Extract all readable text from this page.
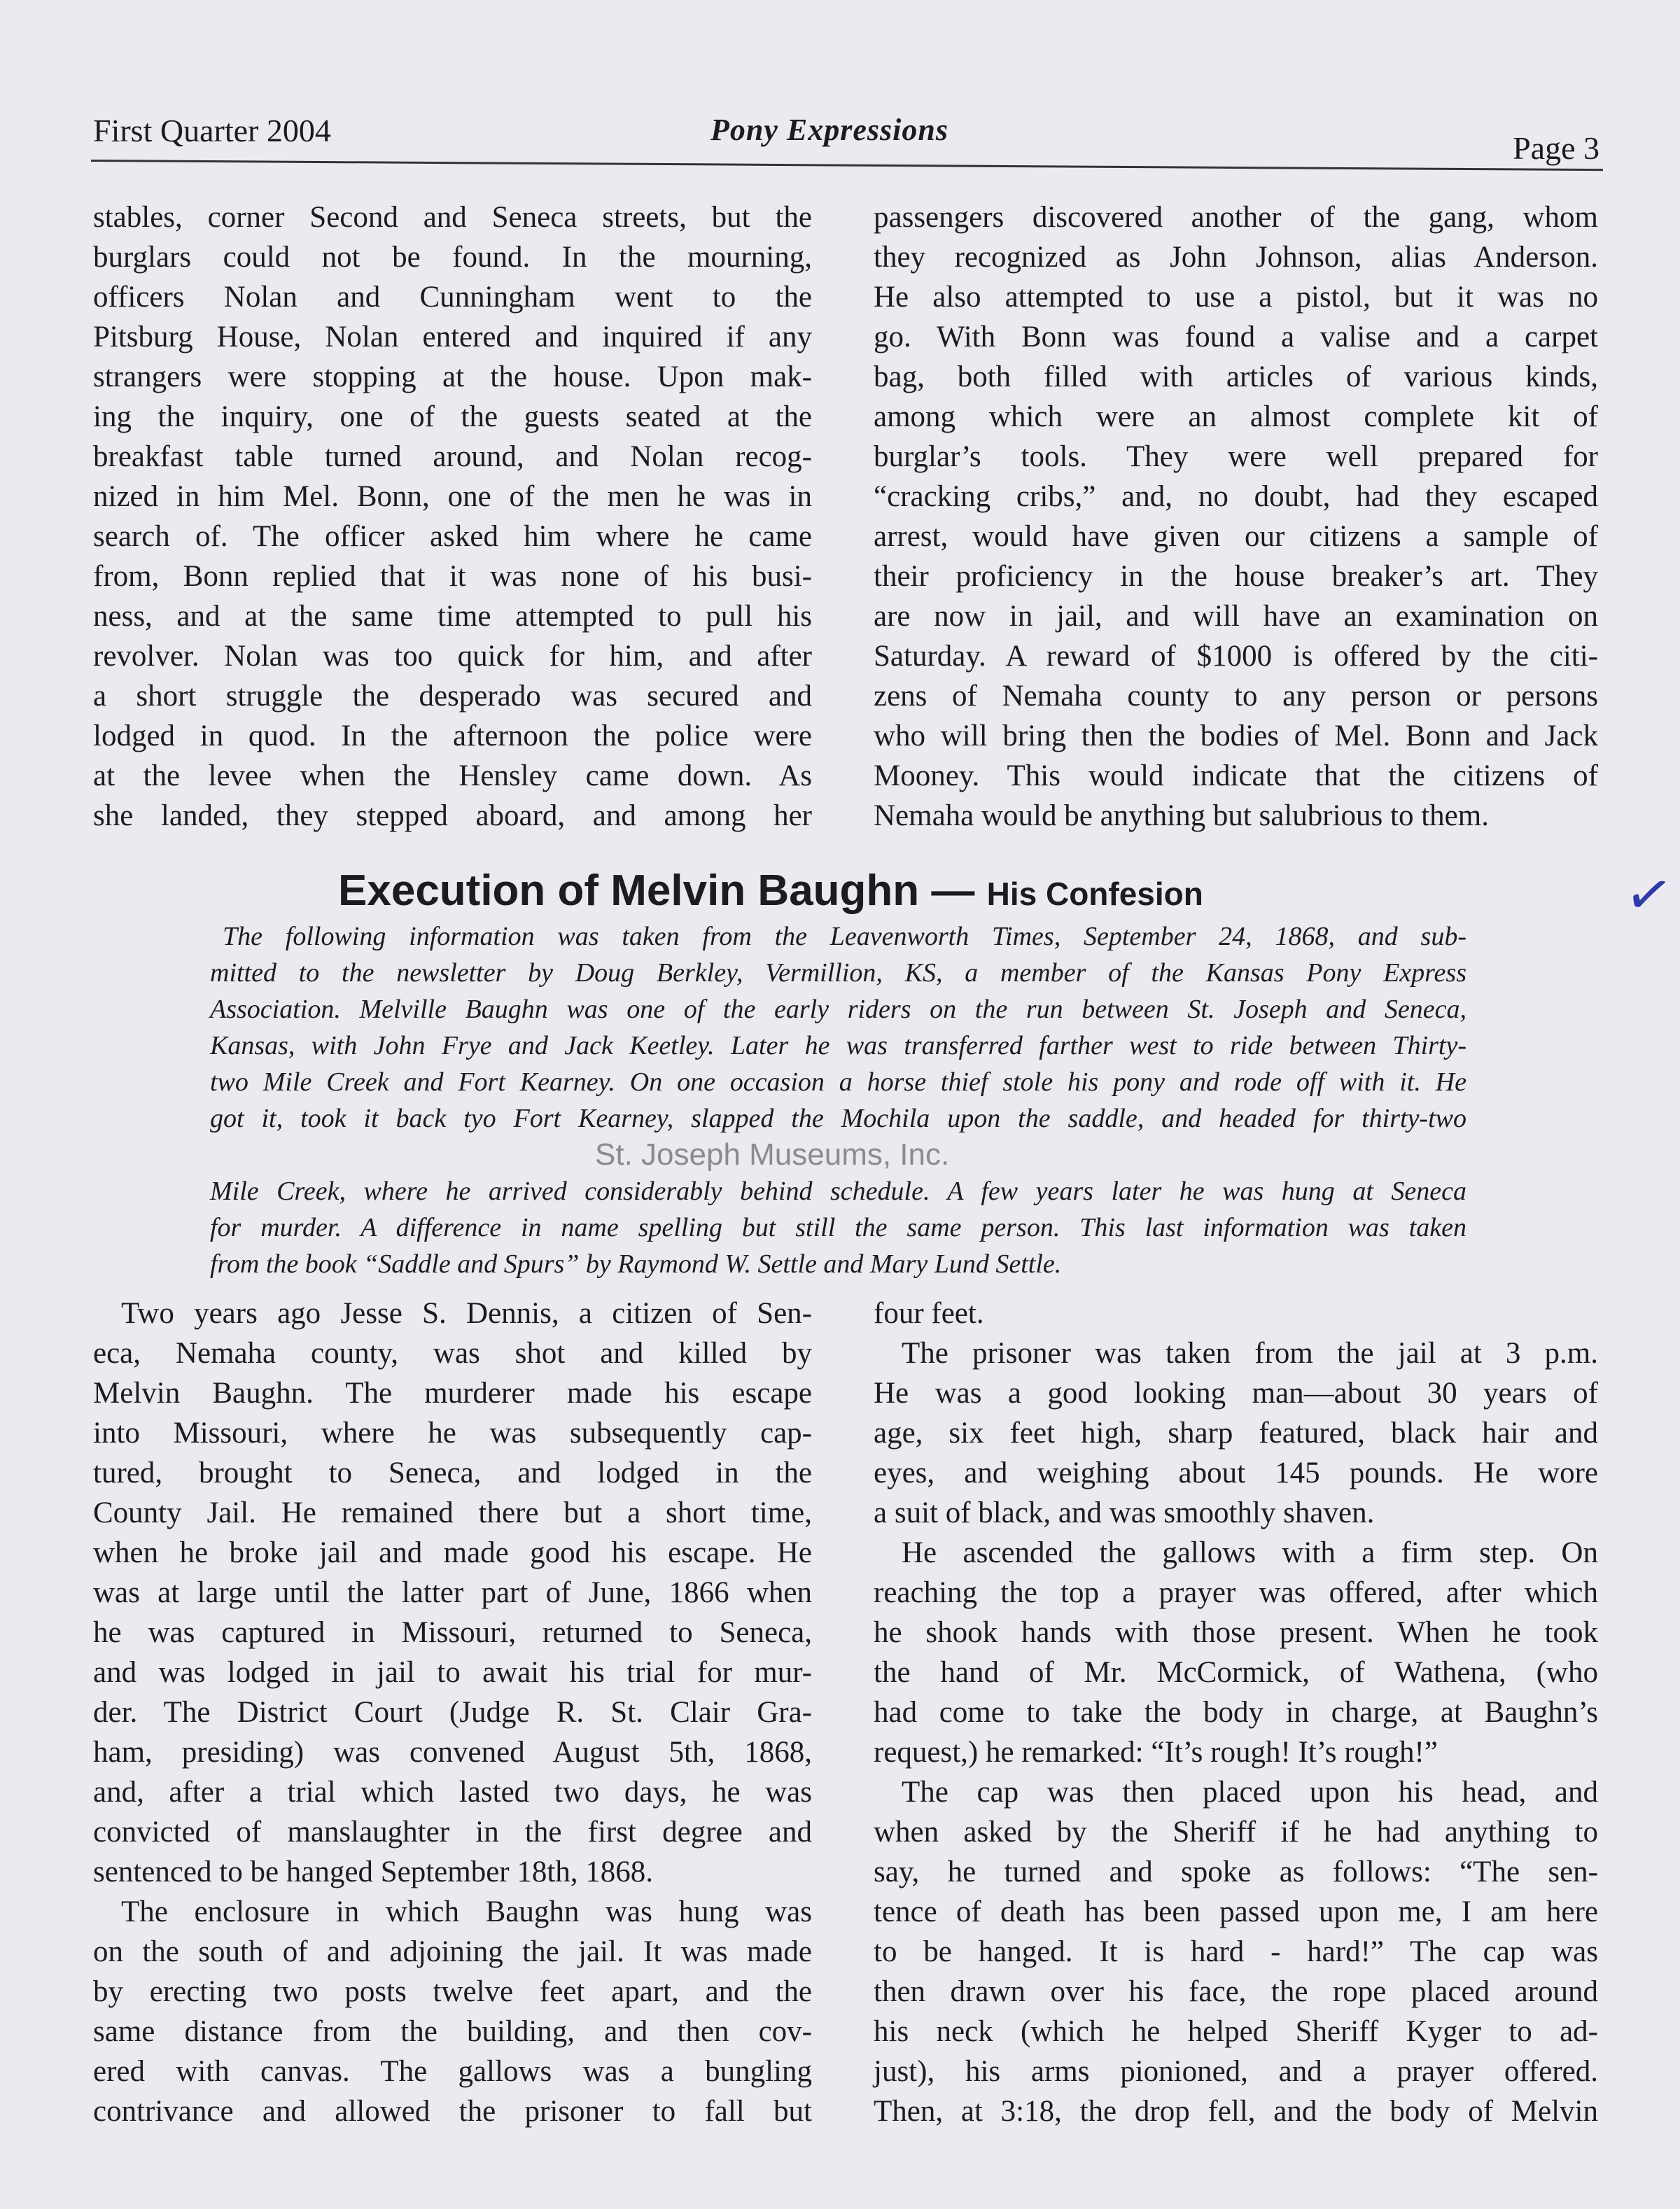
First Quarter 2004	Pony Expressions
Page 3
stables, corner Second and Seneca streets, but the
burglars could not be found. In the mourning,
officers Nolan and Cunningham went to the
Pitsburg House, Nolan entered and inquired if any
strangers were stopping at the house. Upon mak-
ing the inquiry, one of the guests seated at the
breakfast table turned around, and Nolan recog-
nized in him Mel. Bonn, one of the men he was in
search of. The officer asked him where he came
from, Bonn replied that it was none of his busi-
ness, and at the same time attempted to pull his
revolver. Nolan was too quick for him, and after
a short struggle the desperado was secured and
lodged in quod. In the afternoon the police were
at the levee when the Hensley came down. As
she landed, they stepped aboard, and among her
passengers discovered another of the gang, whom
they recognized as John Johnson, alias Anderson.
He also attempted to use a pistol, but it was no
go. With Bonn was found a valise and a carpet
bag, both filled with articles of various kinds,
among which were an almost complete kit of
burglar’s tools. They were well prepared for
“cracking cribs,” and, no doubt, had they escaped
arrest, would have given our citizens a sample of
their proficiency in the house breaker’s art. They
are now in jail, and will have an examination on
Saturday. A reward of $1000 is offered by the citi-
zens of Nemaha county to any person or persons
who will bring then the bodies of Mel. Bonn and Jack
Mooney. This would indicate that the citizens of
Nemaha would be anything but salubrious to them.
Execution of Melvin Baughn — His Confesion
The following information was taken from the Leavenworth Times, September 24, 1868, and sub-
mitted to the newsletter by Doug Berkley, Vermillion, KS, a member of the Kansas Pony Express
Association. Melville Baughn was one of the early riders on the run between St. Joseph and Seneca,
Kansas, with John Frye and Jack Keetley. Later he was transferred farther west to ride between Thirty-
two Mile Creek and Fort Kearney. On one occasion a horse thief stole his pony and rode off with it. He
got it, took it back tyo Fort Kearney, slapped the Mochila upon the saddle, and headed for thirty-two
Mile Creek, where he arrived considerably behind schedule. A few years later he was hung at Seneca
for murder. A difference in name spelling but still the same person. This last information was taken
from the book “Saddle and Spurs” by Raymond W. Settle and Mary Lund Settle.
St. Joseph Museums, Inc.
✓
Two years ago Jesse S. Dennis, a citizen of Sen-
eca, Nemaha county, was shot and killed by
Melvin Baughn. The murderer made his escape
into Missouri, where he was subsequently cap-
tured, brought to Seneca, and lodged in the
County Jail. He remained there but a short time,
when he broke jail and made good his escape. He
was at large until the latter part of June, 1866 when
he was captured in Missouri, returned to Seneca,
and was lodged in jail to await his trial for mur-
der. The District Court (Judge R. St. Clair Gra-
ham, presiding) was convened August 5th, 1868,
and, after a trial which lasted two days, he was
convicted of manslaughter in the first degree and
sentenced to be hanged September 18th, 1868.
The enclosure in which Baughn was hung was
on the south of and adjoining the jail. It was made
by erecting two posts twelve feet apart, and the
same distance from the building, and then cov-
ered with canvas. The gallows was a bungling
contrivance and allowed the prisoner to fall but
four feet.
The prisoner was taken from the jail at 3 p.m.
He was a good looking man—about 30 years of
age, six feet high, sharp featured, black hair and
eyes, and weighing about 145 pounds. He wore
a suit of black, and was smoothly shaven.
He ascended the gallows with a firm step. On
reaching the top a prayer was offered, after which
he shook hands with those present. When he took
the hand of Mr. McCormick, of Wathena, (who
had come to take the body in charge, at Baughn’s
request,) he remarked: “It’s rough! It’s rough!”
The cap was then placed upon his head, and
when asked by the Sheriff if he had anything to
say, he turned and spoke as follows: “The sen-
tence of death has been passed upon me, I am here
to be hanged. It is hard - hard!” The cap was
then drawn over his face, the rope placed around
his neck (which he helped Sheriff Kyger to ad-
just), his arms pionioned, and a prayer offered.
Then, at 3:18, the drop fell, and the body of Melvin
